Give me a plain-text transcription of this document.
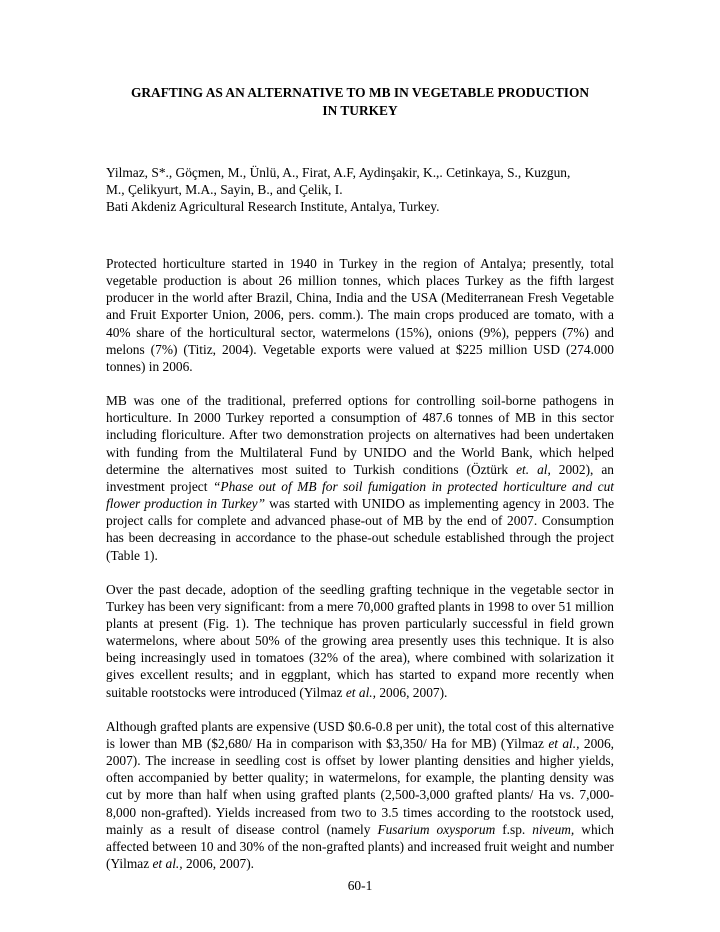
GRAFTING AS AN ALTERNATIVE TO MB IN VEGETABLE PRODUCTION
IN TURKEY
Yilmaz, S*., Göçmen, M., Ünlü, A., Firat, A.F, Aydinşakir, K.,. Cetinkaya, S., Kuzgun,
M., Çelikyurt, M.A., Sayin, B., and Çelik, I.
Bati Akdeniz Agricultural Research Institute, Antalya, Turkey.

Protected horticulture started in 1940 in Turkey in the region of Antalya; presently, total vegetable production is about 26 million tonnes, which places Turkey as the fifth largest producer in the world after Brazil, China, India and the USA (Mediterranean Fresh Vegetable and Fruit Exporter Union, 2006, pers. comm.). The main crops produced are tomato, with a 40% share of the horticultural sector, watermelons (15%), onions (9%), peppers (7%) and melons (7%) (Titiz, 2004). Vegetable exports were valued at $225 million USD (274.000 tonnes) in 2006.

MB was one of the traditional, preferred options for controlling soil-borne pathogens in horticulture. In 2000 Turkey reported a consumption of 487.6 tonnes of MB in this sector including floriculture. After two demonstration projects on alternatives had been undertaken with funding from the Multilateral Fund by UNIDO and the World Bank, which helped determine the alternatives most suited to Turkish conditions (Öztürk et. al, 2002), an investment project “Phase out of MB for soil fumigation in protected horticulture and cut flower production in Turkey” was started with UNIDO as implementing agency in 2003. The project calls for complete and advanced phase-out of MB by the end of 2007. Consumption has been decreasing in accordance to the phase-out schedule established through the project (Table 1).

Over the past decade, adoption of the seedling grafting technique in the vegetable sector in Turkey has been very significant: from a mere 70,000 grafted plants in 1998 to over 51 million plants at present (Fig. 1). The technique has proven particularly successful in field grown watermelons, where about 50% of the growing area presently uses this technique. It is also being increasingly used in tomatoes (32% of the area), where combined with solarization it gives excellent results; and in eggplant, which has started to expand more recently when suitable rootstocks were introduced (Yilmaz et al., 2006, 2007).

Although grafted plants are expensive (USD $0.6-0.8 per unit), the total cost of this alternative is lower than MB ($2,680/ Ha in comparison with $3,350/ Ha for MB) (Yilmaz et al., 2006, 2007). The increase in seedling cost is offset by lower planting densities and higher yields, often accompanied by better quality; in watermelons, for example, the planting density was cut by more than half when using grafted plants (2,500-3,000 grafted plants/ Ha vs. 7,000-8,000 non-grafted). Yields increased from two to 3.5 times according to the rootstock used, mainly as a result of disease control (namely Fusarium oxysporum f.sp. niveum, which affected between 10 and 30% of the non-grafted plants) and increased fruit weight and number (Yilmaz et al., 2006, 2007).

60-1
